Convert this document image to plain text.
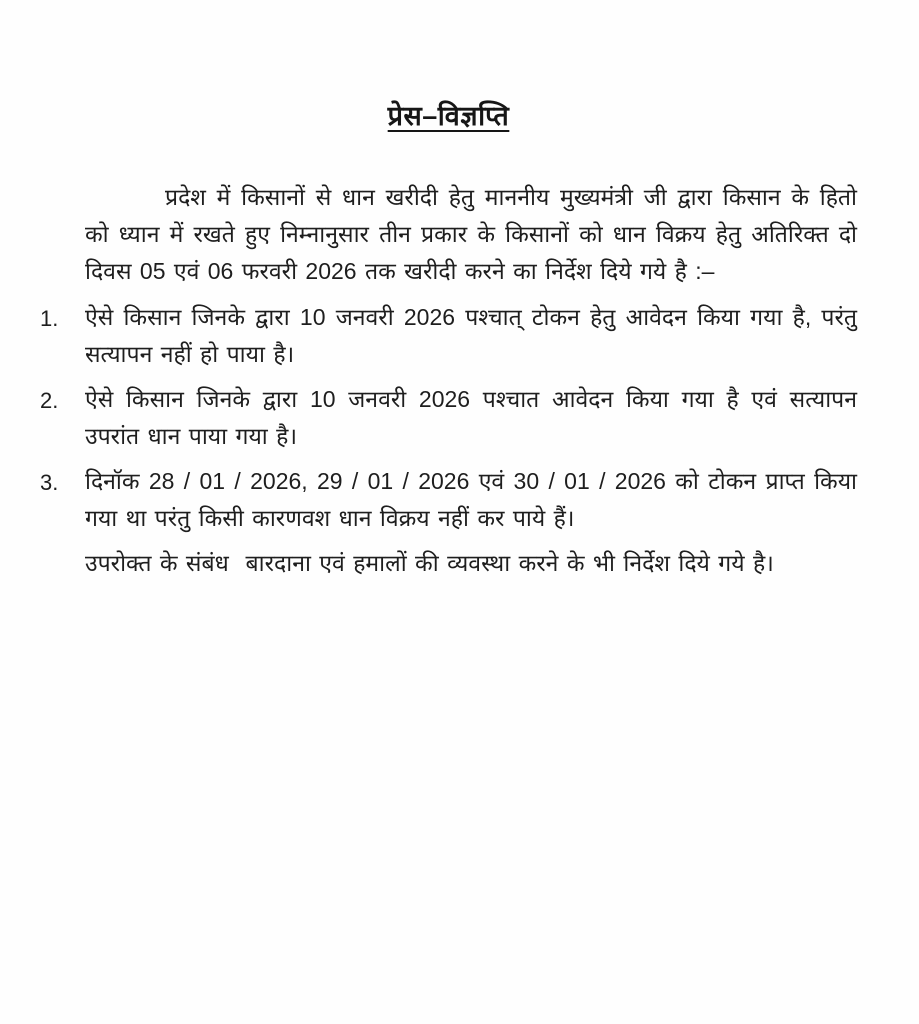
प्रेस–विज्ञप्ति

प्रदेश में किसानों से धान खरीदी हेतु माननीय मुख्यमंत्री जी द्वारा किसान के हितो को ध्यान में रखते हुए निम्नानुसार तीन प्रकार के किसानों को धान विक्रय हेतु अतिरिक्त दो दिवस 05 एवं 06 फरवरी 2026 तक खरीदी करने का निर्देश दिये गये है :–

1.	ऐसे किसान जिनके द्वारा 10 जनवरी 2026 पश्चात् टोकन हेतु आवेदन किया गया है, परंतु सत्यापन नहीं हो पाया है।
2.	ऐसे किसान जिनके द्वारा 10 जनवरी 2026 पश्चात आवेदन किया गया है एवं सत्यापन उपरांत धान पाया गया है।
3.	दिनॉक 28 / 01 / 2026, 29 / 01 / 2026 एवं 30 / 01 / 2026 को टोकन प्राप्त किया गया था परंतु किसी कारणवश धान विक्रय नहीं कर पाये हैं।

उपरोक्त के संबंध  बारदाना एवं हमालों की व्यवस्था करने के भी निर्देश दिये गये है।
